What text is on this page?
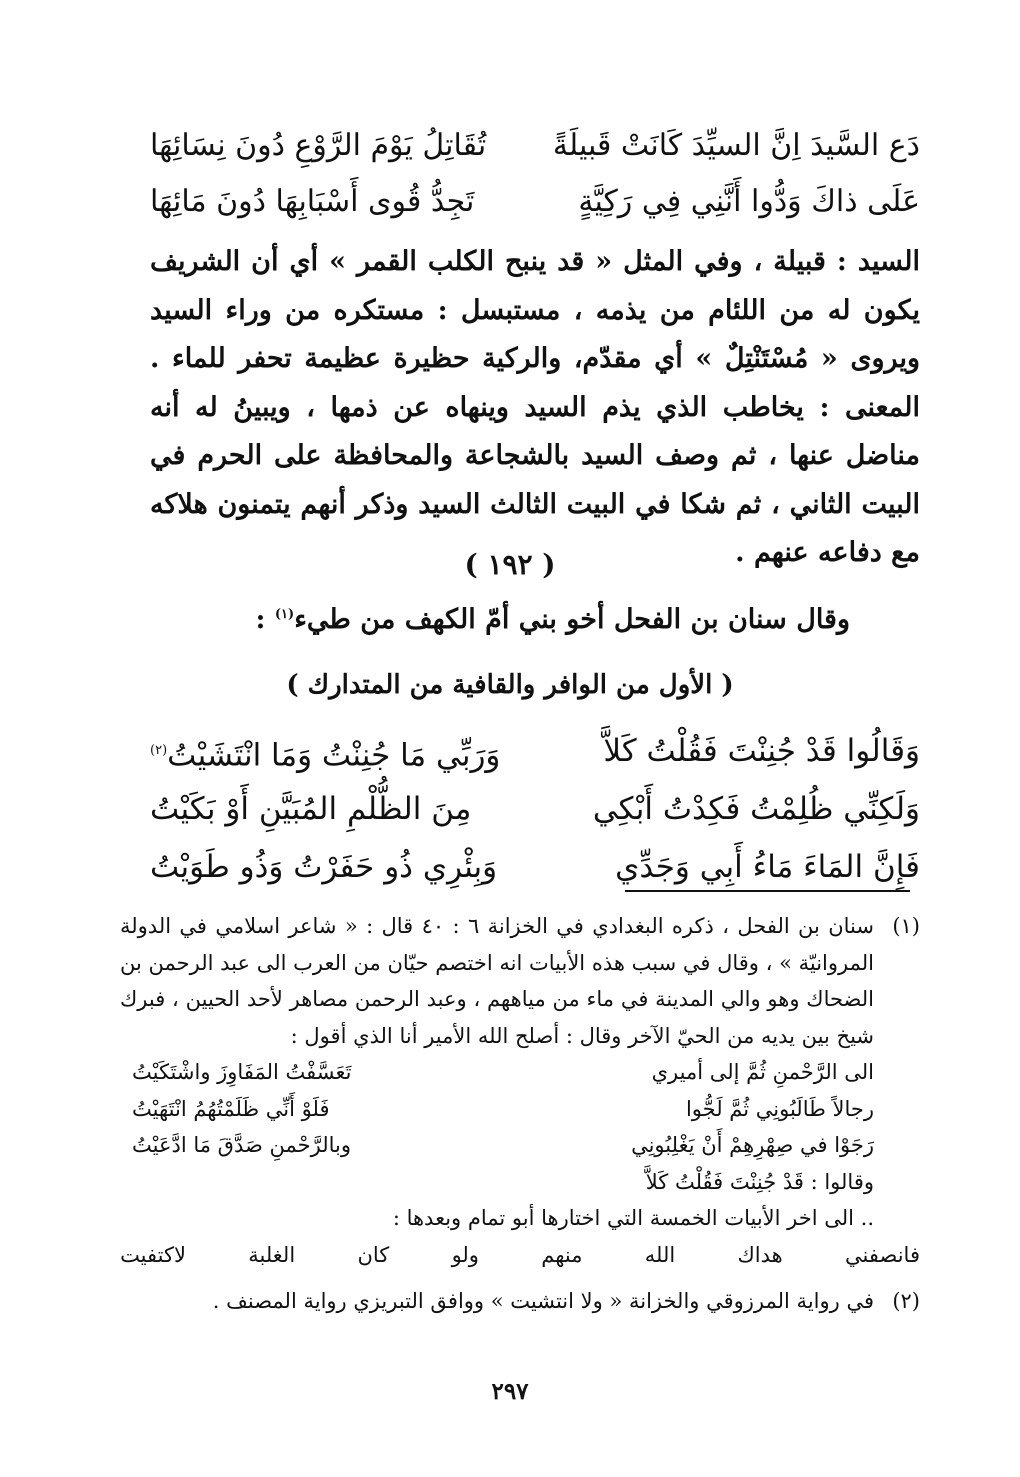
دَع السَّيدَ اِنَّ السيِّدَ كَانَتْ قَبيلَةً
تُقَاتِلُ يَوْمَ الرَّوْعِ دُونَ نِسَائِهَا
عَلَى ذاكَ وَدُّوا أَنَّنِي فِي رَكِيَّةٍ
تَجِدُّ قُوى أَسْبَابِهَا دُونَ مَائِهَا
السيد : قبيلة ، وفي المثل « قد ينبح الكلب القمر » أي أن الشريف يكون له من اللئام من يذمه ، مستبسل : مستكره من وراء السيد ويروى « مُسْتَنْتِلٌ » أي مقدّم، والركية حظيرة عظيمة تحفر للماء . المعنى : يخاطب الذي يذم السيد وينهاه عن ذمها ، ويبينُ له أنه مناضل عنها ، ثم وصف السيد بالشجاعة والمحافظة على الحرم في البيت الثاني ، ثم شكا في البيت الثالث السيد وذكر أنهم يتمنون هلاكه مع دفاعه عنهم .
( ١٩٢ )
وقال سنان بن الفحل أخو بني أمّ الكهف من طيء$^{(١)}$ :
( الأول من الوافر والقافية من المتدارك )
وَقَالُوا قَدْ جُنِنْتَ فَقُلْتُ كَلاَّ
وَرَبِّي مَا جُنِنْتُ وَمَا انْتَشَيْتُ$^{(٢)}$
وَلَكِنِّي ظُلِمْتُ فَكِدْتُ أَبْكِي
مِنَ الظُّلْمِ المُبَيَّنِ أَوْ بَكَيْتُ
فَإِنَّ المَاءَ مَاءُ أَبِي وَجَدِّي
وَبِئْرِي ذُو حَفَرْتُ وَذُو طَوَيْتُ
(١)

سنان بن الفحل ، ذكره البغدادي في الخزانة ٦ : ٤٠ قال : « شاعر اسلامي في الدولة المروانيّة » ، وقال في سبب هذه الأبيات انه اختصم حيّان من العرب الى عبد الرحمن بن الضحاك وهو والي المدينة في ماء من مياههم ، وعبد الرحمن مصاهر لأحد الحيين ، فبرك شيخ بين يديه من الحيّ الآخر وقال : أصلح الله الأمير أنا الذي أقول :

الى الرَّحْمنِ ثُمَّ إلى أميري
تَعَسَّفْتُ المَفَاوِزَ واشْتَكَيْتُ
رجالاً طَالَبُونِي ثُمَّ لَجُّوا
فَلَوْ أَنِّي ظَلَمْتُهُمُ انْتَهَيْتُ
رَجَوْا في صِهْرِهِمْ أَنْ يَغْلِبُونِي
وبالرَّحْمنِ صَدَّقَ مَا ادَّعَيْتُ

وقالوا : قَدْ جُنِنْتَ فَقُلْتُ كَلاَّ

.. الى اخر الأبيات الخمسة التي اختارها أبو تمام وبعدها :

فانصفني
هداك
الله
منهم
ولو
كان
الغلبة
لاكتفيت
(٢)

في رواية المرزوقي والخزانة « ولا انتشيت » ووافق التبريزي رواية المصنف .

٢٩٧
